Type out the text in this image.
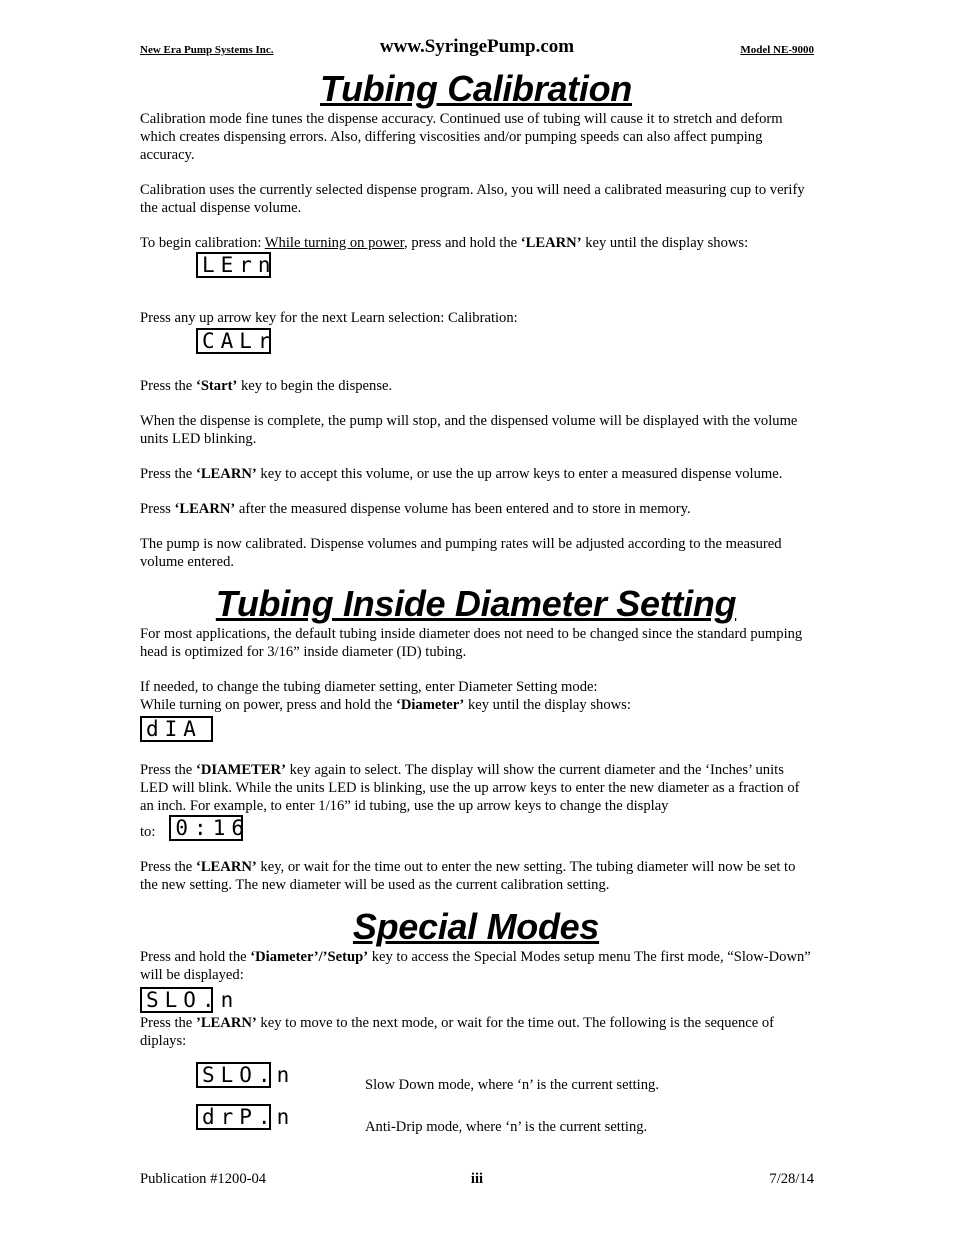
New Era Pump Systems Inc.	www.SyringePump.com	Model NE-9000
Tubing Calibration

Calibration mode fine tunes the dispense accuracy. Continued use of tubing will cause it to stretch and deform which creates dispensing errors. Also, differing viscosities and/or pumping speeds can also affect pumping accuracy.

Calibration uses the currently selected dispense program. Also, you will need a calibrated measuring cup to verify the actual dispense volume.

To begin calibration: While turning on power, press and hold the ‘LEARN’ key until the display shows:

LErn

Press any up arrow key for the next Learn selection: Calibration:

CALr

Press the ‘Start’ key to begin the dispense.

When the dispense is complete, the pump will stop, and the dispensed volume will be displayed with the volume units LED blinking.

Press the ‘LEARN’ key to accept this volume, or use the up arrow keys to enter a measured dispense volume.

Press ‘LEARN’ after the measured dispense volume has been entered and to store in memory.

The pump is now calibrated. Dispense volumes and pumping rates will be adjusted according to the measured volume entered.

Tubing Inside Diameter Setting

For most applications, the default tubing inside diameter does not need to be changed since the standard pumping head is optimized for 3/16” inside diameter (ID) tubing.

If needed, to change the tubing diameter setting, enter Diameter Setting mode:

While turning on power, press and hold the ‘Diameter’ key until the display shows:

dIA

Press the ‘DIAMETER’ key again to select. The display will show the current diameter and the ‘Inches’ units LED will blink. While the units LED is blinking, use the up arrow keys to enter the new diameter as a fraction of an inch. For example, to enter 1/16” id tubing, use the up arrow keys to change the display

to: 0:16

Press the ‘LEARN’ key, or wait for the time out to enter the new setting. The tubing diameter will now be set to the new setting. The new diameter will be used as the current calibration setting.

Special Modes

Press and hold the ‘Diameter’/’Setup’ key to access the Special Modes setup menu The first mode, “Slow-Down” will be displayed:

SLO.n

Press the ’LEARN’ key to move to the next mode, or wait for the time out. The following is the sequence of diplays:

SLO.n	Slow Down mode, where ‘n’ is the current setting.
drP.n	Anti-Drip mode, where ‘n’ is the current setting.
Publication #1200-04	iii	7/28/14
